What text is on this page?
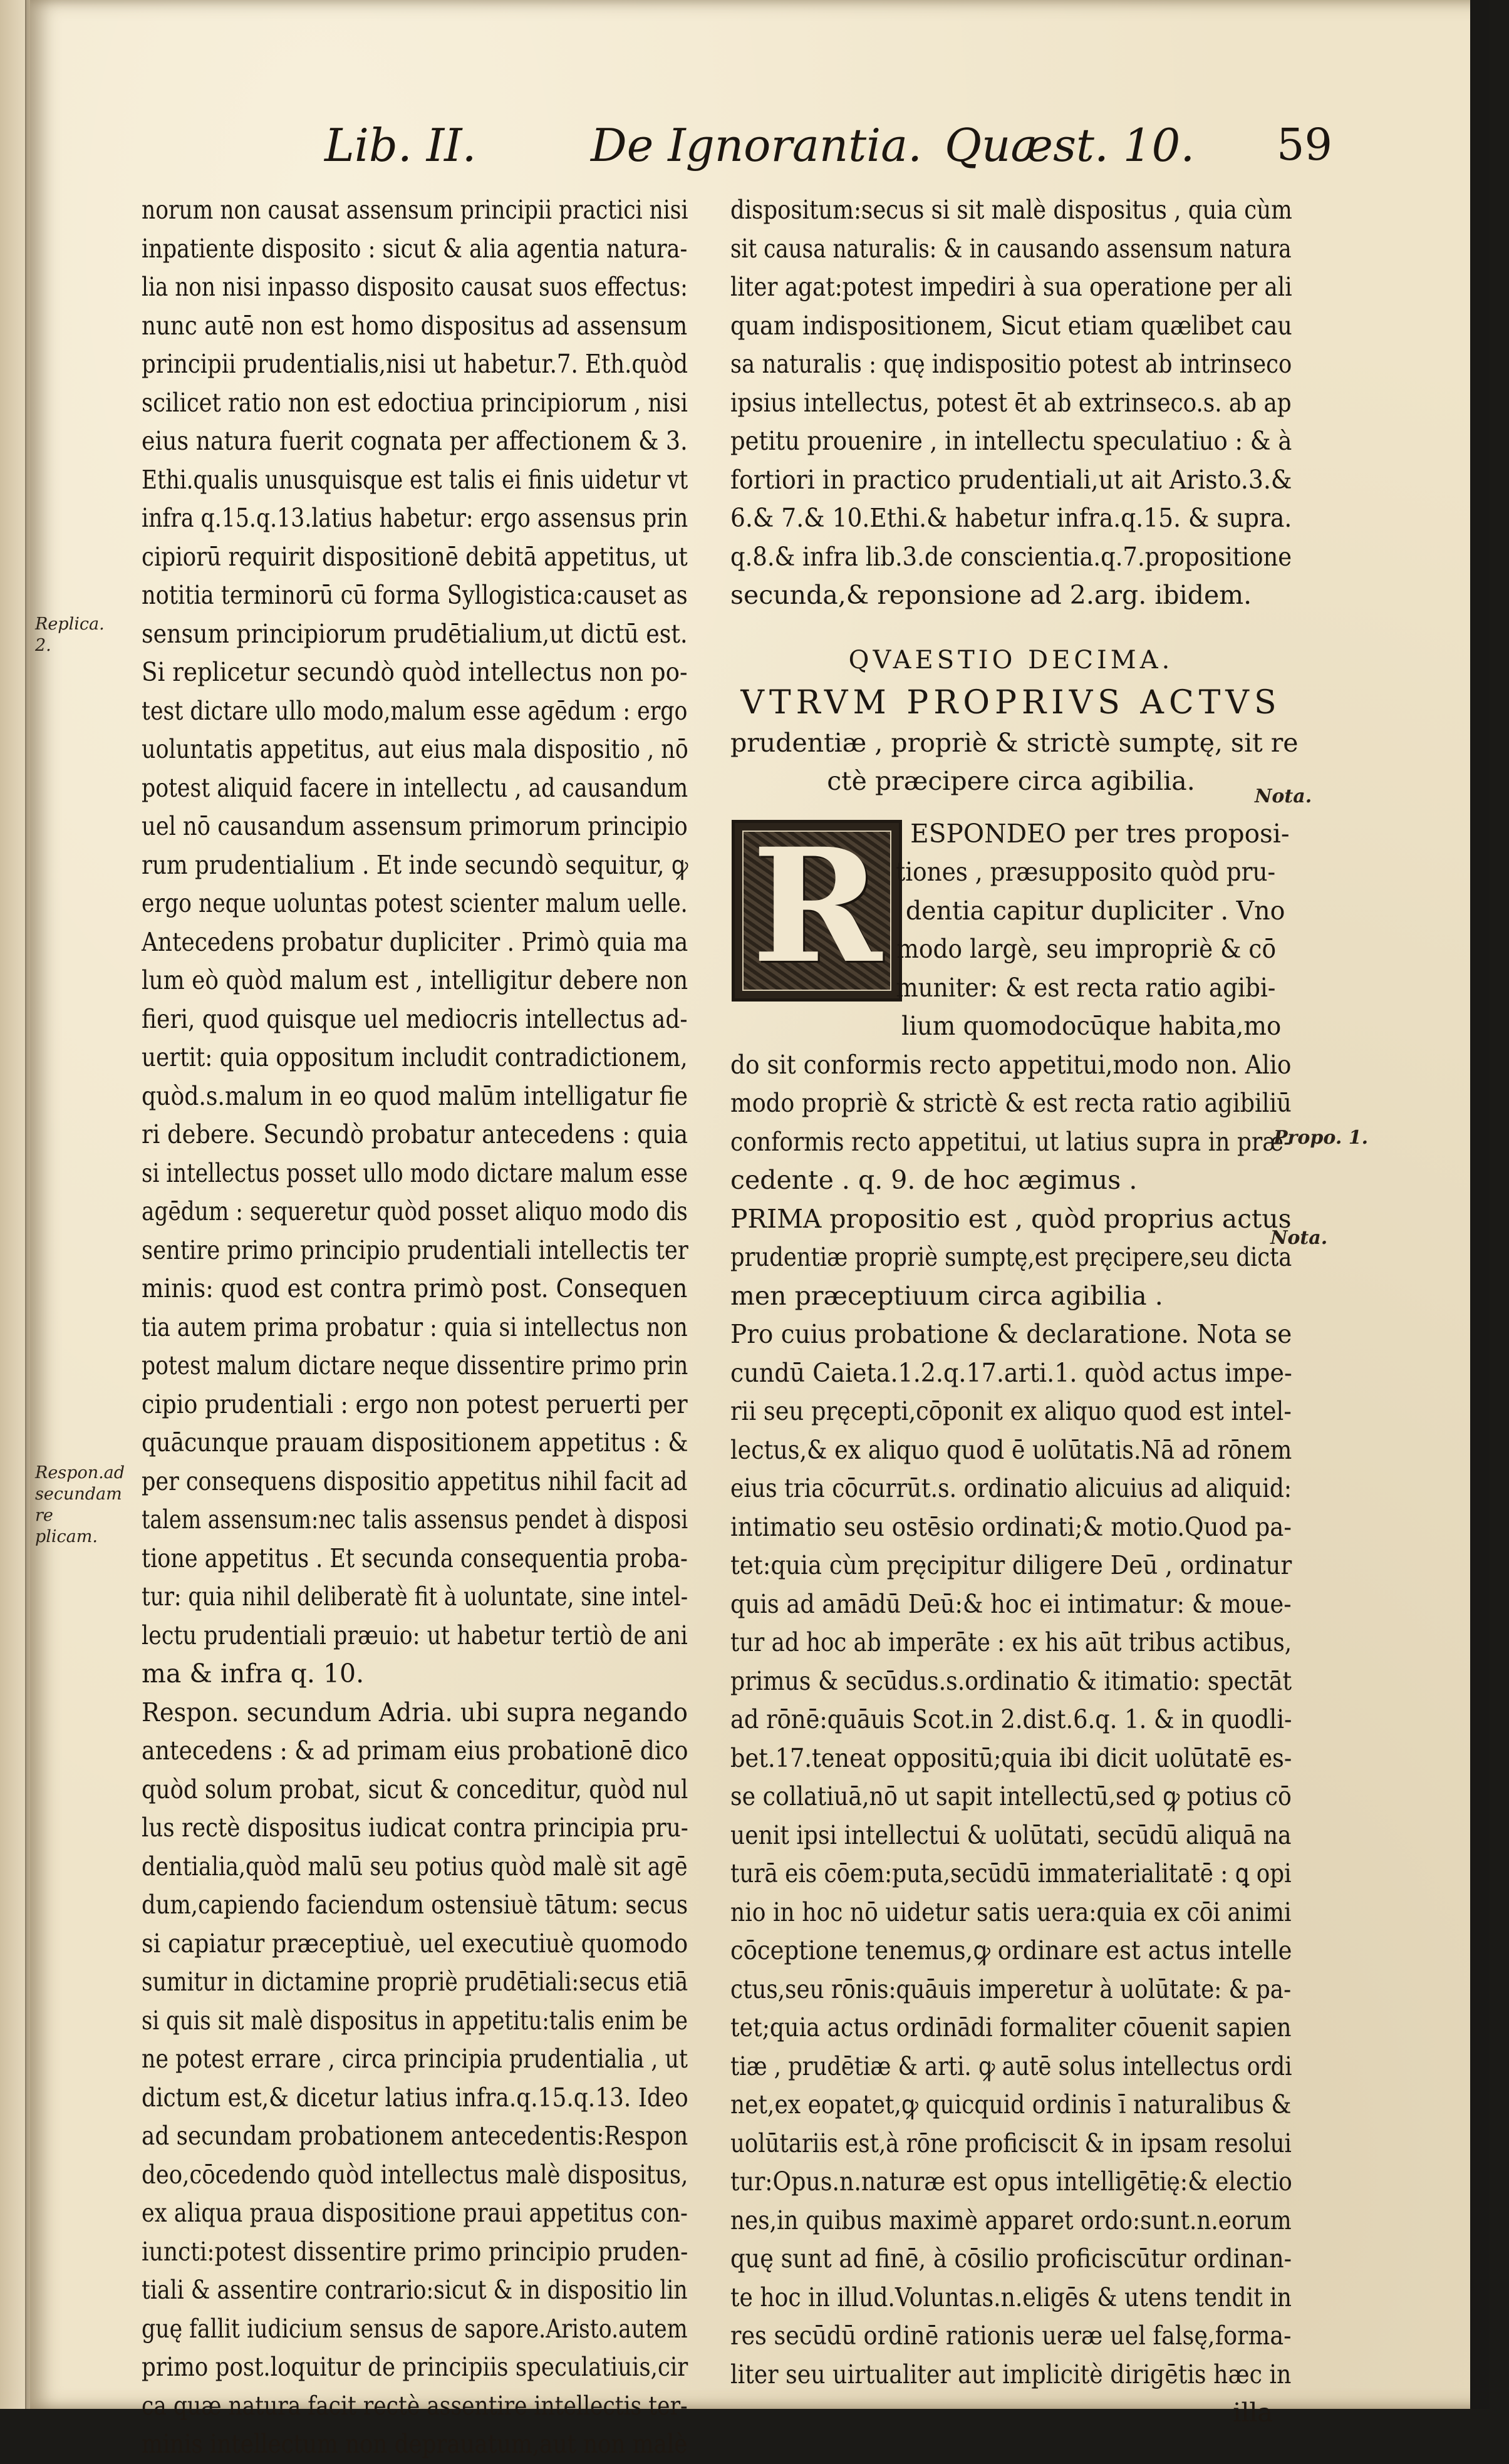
Lib. II.	De Ignorantia. Quæst. 10. 59
norum non causat assensum principii practici nisi
inpatiente disposito : sicut & alia agentia natura-
lia non nisi inpasso disposito causat suos effectus:
nunc autē non est homo dispositus ad assensum
principii prudentialis,nisi ut habetur.7. Eth.quòd
scilicet ratio non est edoctiua principiorum , nisi
eius natura fuerit cognata per affectionem & 3.
Ethi.qualis unusquisque est talis ei finis uidetur vt
infra q.15.q.13.latius habetur: ergo assensus prin
cipiorū requirit dispositionē debitā appetitus, ut
notitia terminorū cū forma Syllogistica:causet as
sensum principiorum prudētialium,ut dictū est.
Si replicetur secundò quòd intellectus non po-
test dictare ullo modo,malum esse agēdum : ergo
uoluntatis appetitus, aut eius mala dispositio , nō
potest aliquid facere in intellectu , ad causandum
uel nō causandum assensum primorum principio
rum prudentialium . Et inde secundò sequitur, ꝙ
ergo neque uoluntas potest scienter malum uelle.
Antecedens probatur dupliciter . Primò quia ma
lum eò quòd malum est , intelligitur debere non
fieri, quod quisque uel mediocris intellectus ad-
uertit: quia oppositum includit contradictionem,
quòd.s.malum in eo quod malūm intelligatur fie
ri debere. Secundò probatur antecedens : quia
si intellectus posset ullo modo dictare malum esse
agēdum : sequeretur quòd posset aliquo modo dis
sentire primo principio prudentiali intellectis ter
minis: quod est contra primò post. Consequen
tia autem prima probatur : quia si intellectus non
potest malum dictare neque dissentire primo prin
cipio prudentiali : ergo non potest peruerti per
quācunque prauam dispositionem appetitus : &
per consequens dispositio appetitus nihil facit ad
talem assensum:nec talis assensus pendet à disposi
tione appetitus . Et secunda consequentia proba-
tur: quia nihil deliberatè fit à uoluntate, sine intel-
lectu prudentiali præuio: ut habetur tertiò de ani
ma & infra q. 10.
Respon. secundum Adria. ubi supra negando
antecedens : & ad primam eius probationē dico
quòd solum probat, sicut & conceditur, quòd nul
lus rectè dispositus iudicat contra principia pru-
dentialia,quòd malū seu potius quòd malè sit agē
dum,capiendo faciendum ostensiuè tātum: secus
si capiatur præceptiuè, uel executiuè quomodo
sumitur in dictamine propriè prudētiali:secus etiā
si quis sit malè dispositus in appetitu:talis enim be
ne potest errare , circa principia prudentialia , ut
dictum est,& dicetur latius infra.q.15.q.13. Ideo
ad secundam probationem antecedentis:Respon
deo,cōcedendo quòd intellectus malè dispositus,
ex aliqua praua dispositione praui appetitus con-
iuncti:potest dissentire primo principio pruden-
tiali & assentire contrario:sicut & in dispositio lin
guę fallit iudicium sensus de sapore.Aristo.autem
primo post.loquitur de principiis speculatiuis,cir
ca quæ natura facit rectè assentire intellectis ter-
minis intellectum non deprauatum,aut non malè
dispositum:secus si sit malè dispositus , quia cùm
sit causa naturalis: & in causando assensum natura
liter agat:potest impediri à sua operatione per ali
quam indispositionem, Sicut etiam quælibet cau
sa naturalis : quę indispositio potest ab intrinseco
ipsius intellectus, potest ēt ab extrinseco.s. ab ap
petitu prouenire , in intellectu speculatiuo : & à
fortiori in practico prudentiali,ut ait Aristo.3.&
6.& 7.& 10.Ethi.& habetur infra.q.15. & supra.
q.8.& infra lib.3.de conscientia.q.7.propositione
secunda,& reponsione ad 2.arg. ibidem.
QVAESTIO DECIMA.
VTRVM PROPRIVS ACTVS
prudentiæ , propriè & strictè sumptę, sit re
ctè præcipere circa agibilia.
R	ESPONDEO per tres proposi-
tiones , præsupposito quòd pru-
dentia capitur dupliciter . Vno
modo largè, seu impropriè & cō
muniter: & est recta ratio agibi-
lium quomodocūque habita,mo
do sit conformis recto appetitui,modo non. Alio
modo propriè & strictè & est recta ratio agibiliū
conformis recto appetitui, ut latius supra in præ-
cedente . q. 9. de hoc ægimus .
PRIMA propositio est , quòd proprius actus
prudentiæ propriè sumptę,est pręcipere,seu dicta
men præceptiuum circa agibilia .
Pro cuius probatione & declaratione. Nota se
cundū Caieta.1.2.q.17.arti.1. quòd actus impe-
rii seu pręcepti,cōponit ex aliquo quod est intel-
lectus,& ex aliquo quod ē uolūtatis.Nā ad rōnem
eius tria cōcurrūt.s. ordinatio alicuius ad aliquid:
intimatio seu ostēsio ordinati;& motio.Quod pa-
tet:quia cùm pręcipitur diligere Deū , ordinatur
quis ad amādū Deū:& hoc ei intimatur: & moue-
tur ad hoc ab imperāte : ex his aūt tribus actibus,
primus & secūdus.s.ordinatio & itimatio: spectāt
ad rōnē:quāuis Scot.in 2.dist.6.q. 1. & in quodli-
bet.17.teneat oppositū;quia ibi dicit uolūtatē es-
se collatiuā,nō ut sapit intellectū,sed ꝙ potius cō
uenit ipsi intellectui & uolūtati, secūdū aliquā na
turā eis cōem:puta,secūdū immaterialitatē : ꝗ opi
nio in hoc nō uidetur satis uera:quia ex cōi animi
cōceptione tenemus,ꝙ ordinare est actus intelle
ctus,seu rōnis:quāuis imperetur à uolūtate: & pa-
tet;quia actus ordinādi formaliter cōuenit sapien
tiæ , prudētiæ & arti. ꝙ autē solus intellectus ordi
net,ex eopatet,ꝙ quicquid ordinis ī naturalibus &
uolūtariis est,à rōne proficiscit & in ipsam resolui
tur:Opus.n.naturæ est opus intelligētię:& electio
nes,in quibus maximè apparet ordo:sunt.n.eorum
quę sunt ad finē, à cōsilio proficiscūtur ordinan-
te hoc in illud.Voluntas.n.eligēs & utens tendit in
res secūdū ordinē rationis ueræ uel falsę,forma-
liter seu uirtualiter aut implicitè dirigētis hæc in
illa
Replica. 2.
Respon.ad secundam re plicam.
Nota.
Propo. 1.
Nota.
